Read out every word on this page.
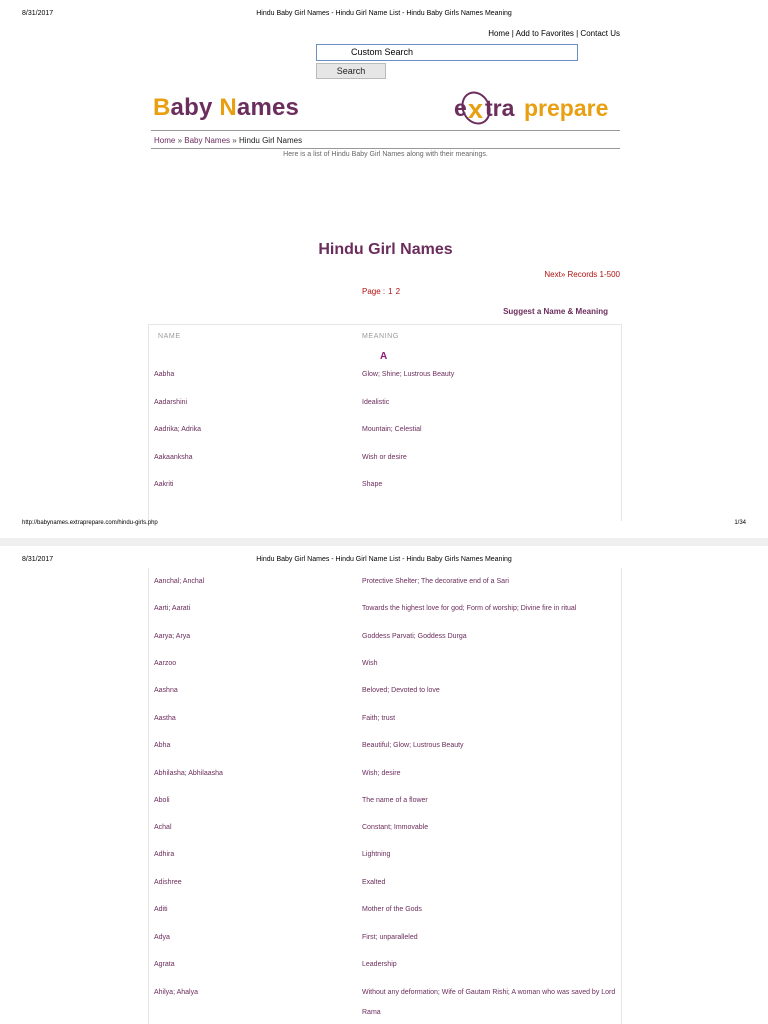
8/31/2017	Hindu Baby Girl Names - Hindu Girl Name List - Hindu Baby Girls Names Meaning
Home | Add to Favorites | Contact Us
Custom Search
Search
Baby Names	e x tra prepare
Home » Baby Names » Hindu Girl Names
Here is a list of Hindu Baby Girl Names along with their meanings.
Hindu Girl Names
Next» Records 1-500
Page : 1 2
Suggest a Name & Meaning
NAME	MEANING
A
Aabha	Glow; Shine; Lustrous Beauty
Aadarshini	Idealistic
Aadrika; Adrika	Mountain; Celestial
Aakaanksha	Wish or desire
Aakriti	Shape
http://babynames.extraprepare.com/hindu-girls.php	1/34
8/31/2017	Hindu Baby Girl Names - Hindu Girl Name List - Hindu Baby Girls Names Meaning
Aanchal; Anchal	Protective Shelter; The decorative end of a Sari
Aarti; Aarati	Towards the highest love for god; Form of worship; Divine fire in ritual
Aarya; Arya	Goddess Parvati; Goddess Durga
Aarzoo	Wish
Aashna	Beloved; Devoted to love
Aastha	Faith; trust
Abha	Beautiful; Glow; Lustrous Beauty
Abhilasha; Abhilaasha	Wish; desire
Aboli	The name of a flower
Achal	Constant; Immovable
Adhira	Lightning
Adishree	Exalted
Aditi	Mother of the Gods
Adya	First; unparalleled
Agrata	Leadership
Ahilya; Ahalya	Without any deformation; Wife of Gautam Rishi; A woman who was saved by Lord Rama
